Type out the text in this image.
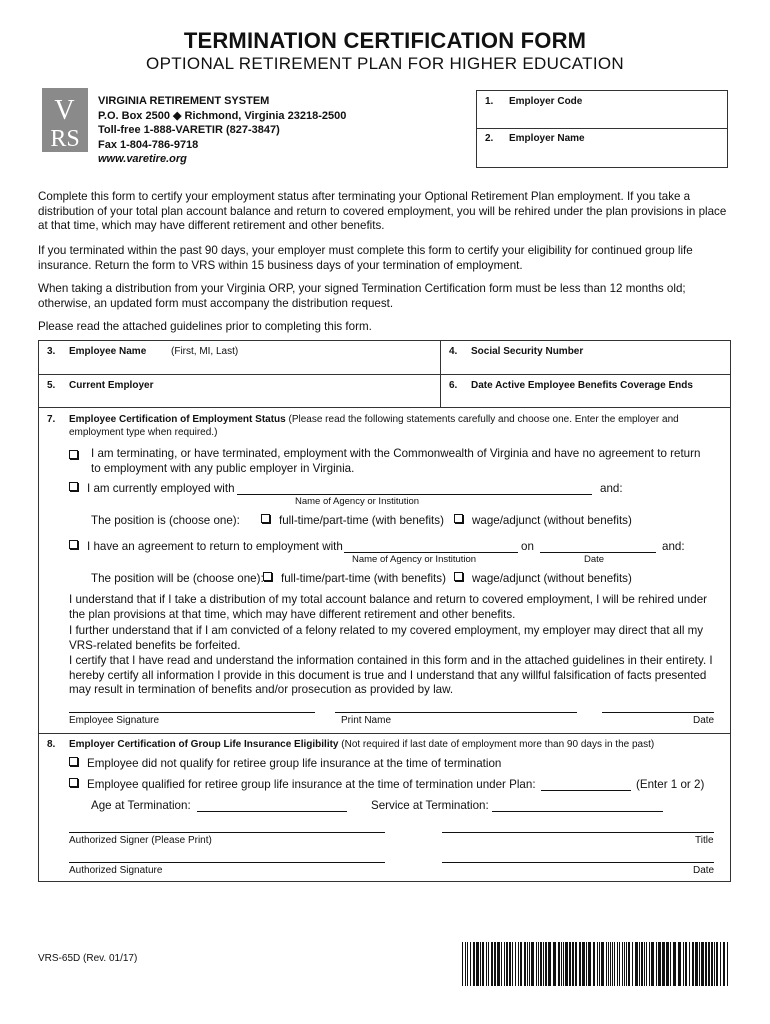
TERMINATION CERTIFICATION FORM
OPTIONAL RETIREMENT PLAN FOR HIGHER EDUCATION
V
RS
VIRGINIA RETIREMENT SYSTEM
P.O. Box 2500 ◆ Richmond, Virginia 23218-2500
Toll-free 1-888-VARETIR (827-3847)
Fax 1-804-786-9718
www.varetire.org
1. Employer Code
2. Employer Name

Complete this form to certify your employment status after terminating your Optional Retirement Plan employment. If you take a distribution of your total plan account balance and return to covered employment, you will be rehired under the plan provisions in place at that time, which may have different retirement and other benefits.

If you terminated within the past 90 days, your employer must complete this form to certify your eligibility for continued group life insurance. Return the form to VRS within 15 business days of your termination of employment.

When taking a distribution from your Virginia ORP, your signed Termination Certification form must be less than 12 months old; otherwise, an updated form must accompany the distribution request.

Please read the attached guidelines prior to completing this form.

3. Employee Name (First, MI, Last)	4. Social Security Number
5. Current Employer	6. Date Active Employee Benefits Coverage Ends
7. Employee Certification of Employment Status (Please read the following statements carefully and choose one. Enter the employer and employment type when required.)
I am terminating, or have terminated, employment with the Commonwealth of Virginia and have no agreement to return to employment with any public employer in Virginia.
I am currently employed with	and:
Name of Agency or Institution
The position is (choose one):	full-time/part-time (with benefits)	wage/adjunct (without benefits)
I have an agreement to return to employment with	on	and:
Name of Agency or Institution	Date
The position will be (choose one):	full-time/part-time (with benefits)	wage/adjunct (without benefits)
I understand that if I take a distribution of my total account balance and return to covered employment, I will be rehired under the plan provisions at that time, which may have different retirement and other benefits.
I further understand that if I am convicted of a felony related to my covered employment, my employer may direct that all my VRS-related benefits be forfeited.
I certify that I have read and understand the information contained in this form and in the attached guidelines in their entirety. I hereby certify all information I provide in this document is true and I understand that any willful falsification of facts presented may result in termination of benefits and/or prosecution as provided by law.
Employee Signature	Print Name	Date
8. Employer Certification of Group Life Insurance Eligibility (Not required if last date of employment more than 90 days in the past)
Employee did not qualify for retiree group life insurance at the time of termination
Employee qualified for retiree group life insurance at the time of termination under Plan:	(Enter 1 or 2)
Age at Termination:	Service at Termination:
Authorized Signer (Please Print)	Title
Authorized Signature	Date
VRS-65D (Rev. 01/17)
